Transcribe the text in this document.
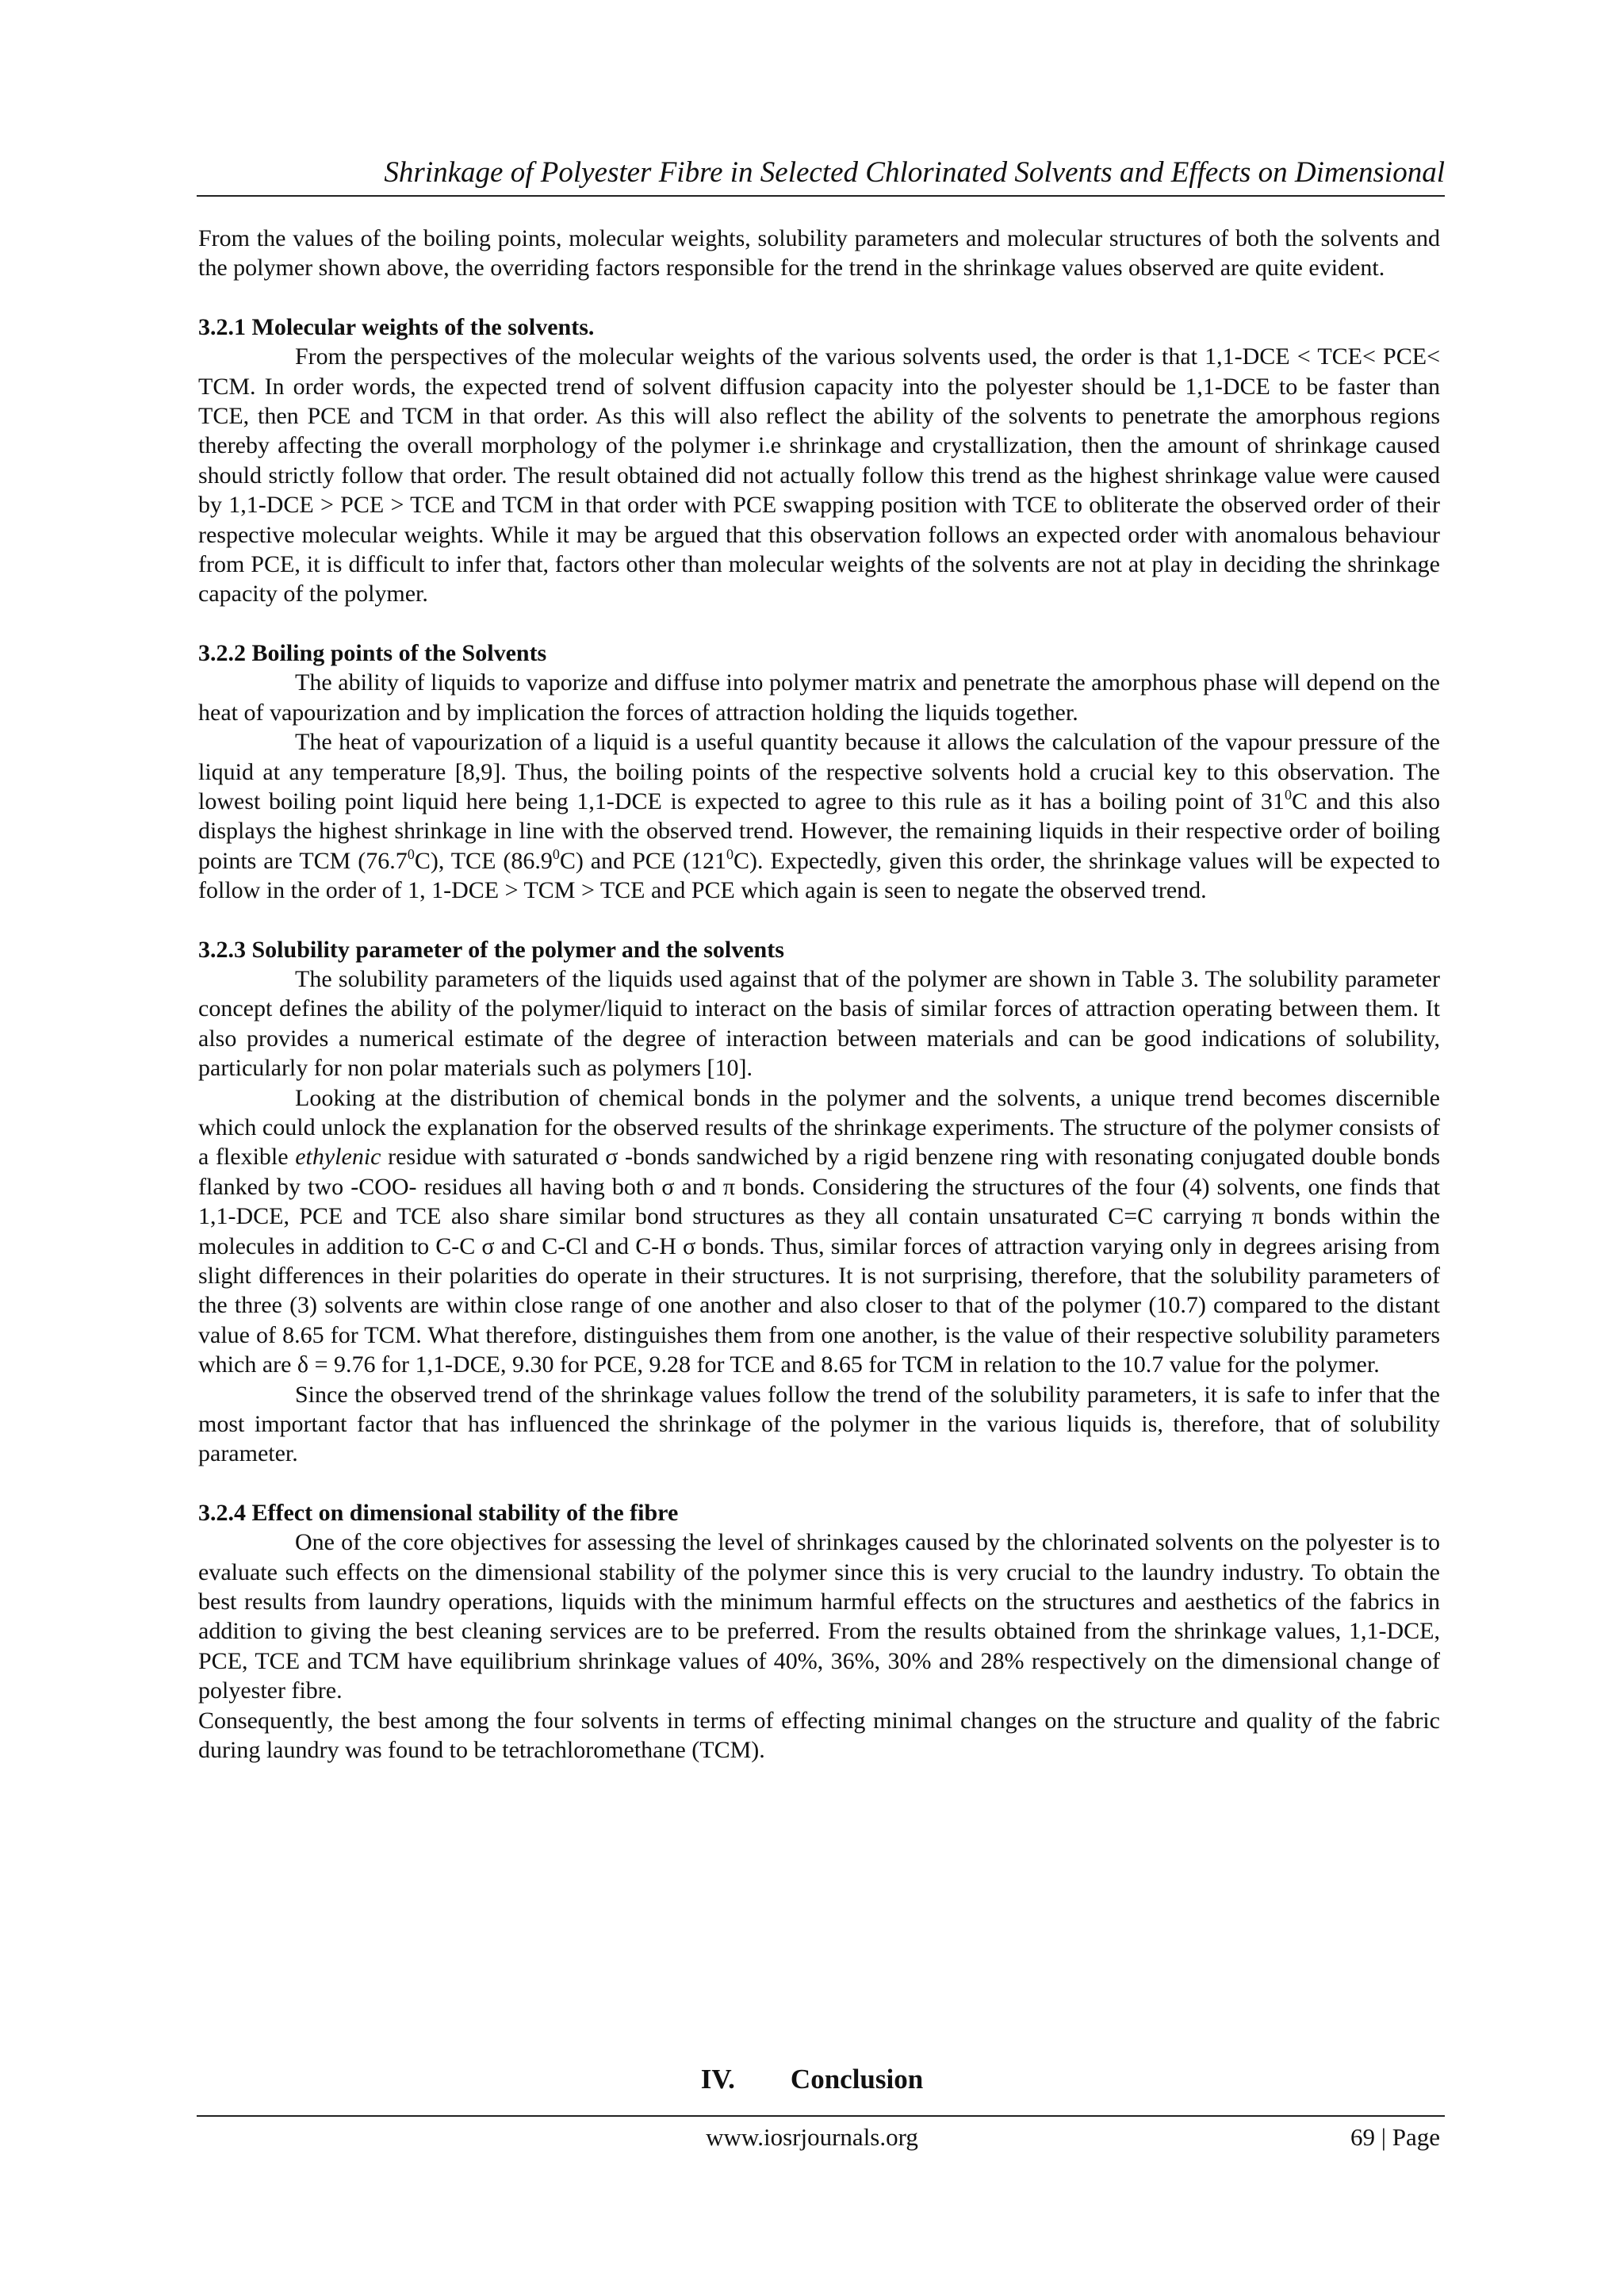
Shrinkage of Polyester Fibre in Selected Chlorinated Solvents and Effects on Dimensional

From the values of the boiling points, molecular weights, solubility parameters and molecular structures of both the solvents and the polymer shown above, the overriding factors responsible for the trend in the shrinkage values observed are quite evident.

3.2.1 Molecular weights of the solvents.

From the perspectives of the molecular weights of the various solvents used, the order is that 1,1-DCE < TCE< PCE< TCM. In order words, the expected trend of solvent diffusion capacity into the polyester should be 1,1-DCE to be faster than TCE, then PCE and TCM in that order. As this will also reflect the ability of the solvents to penetrate the amorphous regions thereby affecting the overall morphology of the polymer i.e shrinkage and crystallization, then the amount of shrinkage caused should strictly follow that order. The result obtained did not actually follow this trend as the highest shrinkage value were caused by 1,1-DCE > PCE > TCE and TCM in that order with PCE swapping position with TCE to obliterate the observed order of their respective molecular weights. While it may be argued that this observation follows an expected order with anomalous behaviour from PCE, it is difficult to infer that, factors other than molecular weights of the solvents are not at play in deciding the shrinkage capacity of the polymer.

3.2.2 Boiling points of the Solvents

The ability of liquids to vaporize and diffuse into polymer matrix and penetrate the amorphous phase will depend on the heat of vapourization and by implication the forces of attraction holding the liquids together.

The heat of vapourization of a liquid is a useful quantity because it allows the calculation of the vapour pressure of the liquid at any temperature [8,9]. Thus, the boiling points of the respective solvents hold a crucial key to this observation. The lowest boiling point liquid here being 1,1-DCE is expected to agree to this rule as it has a boiling point of $31^0C$ and this also displays the highest shrinkage in line with the observed trend. However, the remaining liquids in their respective order of boiling points are TCM (76.7$^0$C), TCE (86.9$^0$C) and PCE $(121^0C)$. Expectedly, given this order, the shrinkage values will be expected to follow in the order of 1, 1-DCE > TCM > TCE and PCE which again is seen to negate the observed trend.

3.2.3 Solubility parameter of the polymer and the solvents

The solubility parameters of the liquids used against that of the polymer are shown in Table 3. The solubility parameter concept defines the ability of the polymer/liquid to interact on the basis of similar forces of attraction operating between them. It also provides a numerical estimate of the degree of interaction between materials and can be good indications of solubility, particularly for non polar materials such as polymers [10].

Looking at the distribution of chemical bonds in the polymer and the solvents, a unique trend becomes discernible which could unlock the explanation for the observed results of the shrinkage experiments. The structure of the polymer consists of a flexible ethylenic residue with saturated σ -bonds sandwiched by a rigid benzene ring with resonating conjugated double bonds flanked by two -COO- residues all having both σ and π bonds. Considering the structures of the four (4) solvents, one finds that 1,1-DCE, PCE and TCE also share similar bond structures as they all contain unsaturated C=C carrying π bonds within the molecules in addition to C-C σ and C-Cl and C-H σ bonds. Thus, similar forces of attraction varying only in degrees arising from slight differences in their polarities do operate in their structures. It is not surprising, therefore, that the solubility parameters of the three (3) solvents are within close range of one another and also closer to that of the polymer (10.7) compared to the distant value of 8.65 for TCM. What therefore, distinguishes them from one another, is the value of their respective solubility parameters which are δ = 9.76 for 1,1-DCE, 9.30 for PCE, 9.28 for TCE and 8.65 for TCM in relation to the 10.7 value for the polymer.

Since the observed trend of the shrinkage values follow the trend of the solubility parameters, it is safe to infer that the most important factor that has influenced the shrinkage of the polymer in the various liquids is, therefore, that of solubility parameter.

3.2.4 Effect on dimensional stability of the fibre

One of the core objectives for assessing the level of shrinkages caused by the chlorinated solvents on the polyester is to evaluate such effects on the dimensional stability of the polymer since this is very crucial to the laundry industry. To obtain the best results from laundry operations, liquids with the minimum harmful effects on the structures and aesthetics of the fabrics in addition to giving the best cleaning services are to be preferred. From the results obtained from the shrinkage values, 1,1-DCE, PCE, TCE and TCM have equilibrium shrinkage values of 40%, 36%, 30% and 28% respectively on the dimensional change of polyester fibre.

Consequently, the best among the four solvents in terms of effecting minimal changes on the structure and quality of the fabric during laundry was found to be tetrachloromethane (TCM).

IV. Conclusion
www.iosrjournals.org	69 | Page
